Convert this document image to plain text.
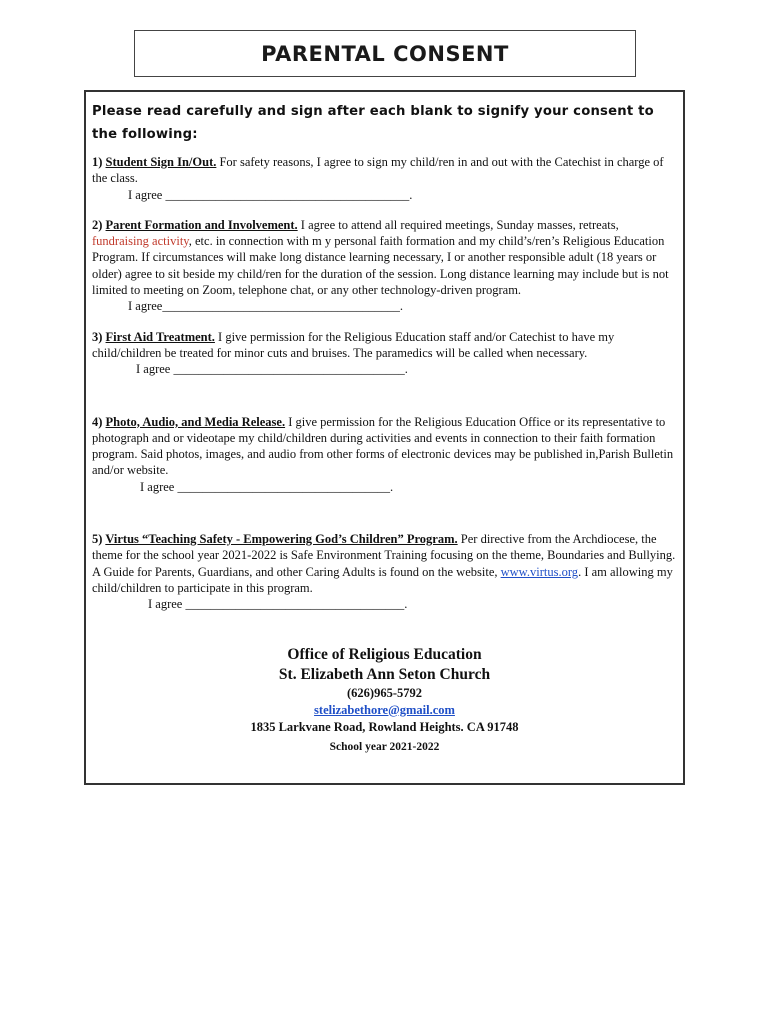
PARENTAL CONSENT
Please read carefully and sign after each blank to signify your consent to the following:

1) Student Sign In/Out. For safety reasons, I agree to sign my child/ren in and out with the Catechist in charge of the class.
I agree _______________________________________.

2) Parent Formation and Involvement. I agree to attend all required meetings, Sunday masses, retreats, fundraising activity, etc. in connection with m y personal faith formation and my child’s/ren’s Religious Education Program. If circumstances will make long distance learning necessary, I or another responsible adult (18 years or older) agree to sit beside my child/ren for the duration of the session. Long distance learning may include but is not limited to meeting on Zoom, telephone chat, or any other technology-driven program.
I agree______________________________________.

3) First Aid Treatment. I give permission for the Religious Education staff and/or Catechist to have my child/children be treated for minor cuts and bruises. The paramedics will be called when necessary.
I agree _____________________________________.

4) Photo, Audio, and Media Release. I give permission for the Religious Education Office or its representative to photograph and or videotape my child/children during activities and events in connection to their faith formation program. Said photos, images, and audio from other forms of electronic devices may be published in,Parish Bulletin and/or website.
I agree __________________________________.

5) Virtus “Teaching Safety - Empowering God’s Children” Program. Per directive from the Archdiocese, the theme for the school year 2021-2022 is Safe Environment Training focusing on the theme, Boundaries and Bullying. A Guide for Parents, Guardians, and other Caring Adults is found on the website, www.virtus.org. I am allowing my child/children to participate in this program.
I agree ___________________________________.

Office of Religious Education
St. Elizabeth Ann Seton Church
(626)965-5792
stelizabethore@gmail.com
1835 Larkvane Road, Rowland Heights. CA 91748
School year 2021-2022
